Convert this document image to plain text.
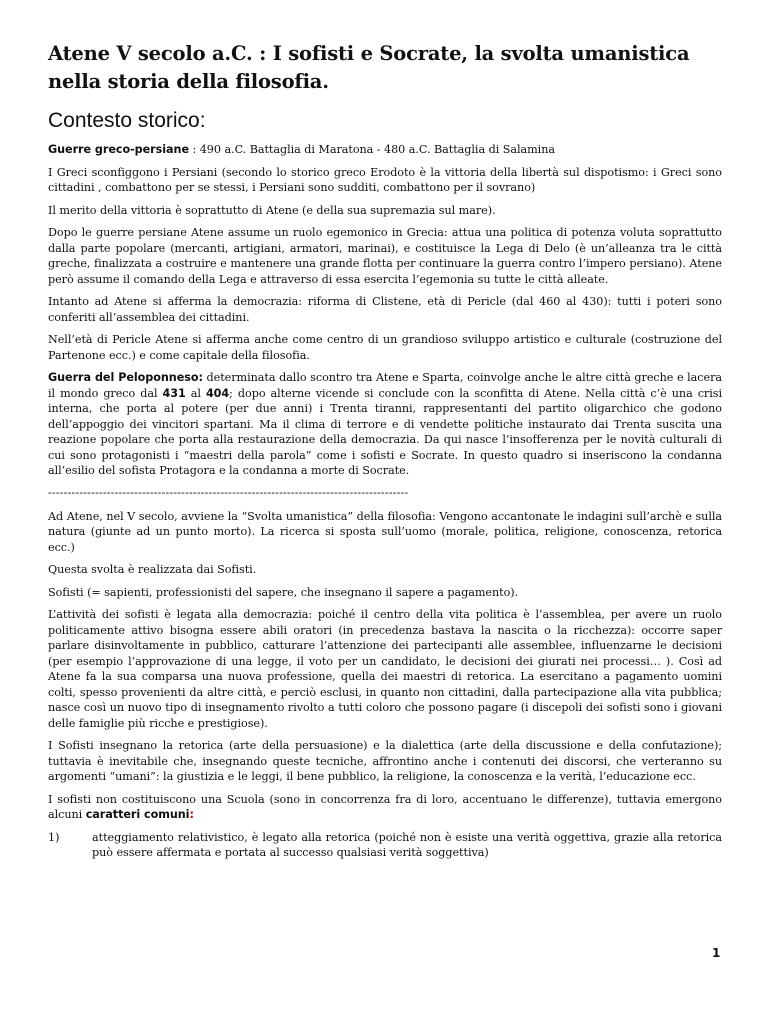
Atene V secolo a.C. : I sofisti e Socrate, la svolta umanistica nella storia della filosofia.
Contesto storico:

Guerre greco-persiane : 490 a.C. Battaglia di Maratona - 480 a.C. Battaglia di Salamina

I Greci sconfiggono i Persiani (secondo lo storico greco Erodoto è la vittoria della libertà sul dispotismo: i Greci sono cittadini , combattono per se stessi, i Persiani sono sudditi, combattono per il sovrano)

Il merito della vittoria è soprattutto di Atene (e della sua supremazia sul mare).

Dopo le guerre persiane Atene assume un ruolo egemonico in Grecia: attua una politica di potenza voluta soprattutto dalla parte popolare (mercanti, artigiani, armatori, marinai), e costituisce la Lega di Delo (è un’alleanza tra le città greche, finalizzata a costruire e mantenere una grande flotta per continuare la guerra contro l’impero persiano). Atene però assume il comando della Lega e attraverso di essa esercita l’egemonia su tutte le città alleate.

Intanto ad Atene si afferma la democrazia: riforma di Clistene, età di Pericle (dal 460 al 430): tutti i poteri sono conferiti all’assemblea dei cittadini.

Nell’età di Pericle Atene si afferma anche come centro di un grandioso sviluppo artistico e culturale (costruzione del Partenone ecc.) e come capitale della filosofia.

Guerra del Peloponneso: determinata dallo scontro tra Atene e Sparta, coinvolge anche le altre città greche e lacera il mondo greco dal 431 al 404; dopo alterne vicende si conclude con la sconfitta di Atene. Nella città c’è una crisi interna, che porta al potere (per due anni) i Trenta tiranni, rappresentanti del partito oligarchico che godono dell’appoggio dei vincitori spartani. Ma il clima di terrore e di vendette politiche instaurato dai Trenta suscita una reazione popolare che porta alla restaurazione della democrazia. Da qui nasce l’insofferenza per le novità culturali di cui sono protagonisti i “maestri della parola” come i sofisti e Socrate. In questo quadro si inseriscono la condanna all’esilio del sofista Protagora e la condanna a morte di Socrate.

--------------------------------------------------------------------------------------------

Ad Atene, nel V secolo, avviene la “Svolta umanistica” della filosofia: Vengono accantonate le indagini sull’archè e sulla natura (giunte ad un punto morto). La ricerca si sposta sull’uomo (morale, politica, religione, conoscenza, retorica ecc.)

Questa svolta è realizzata dai Sofisti.

Sofisti (= sapienti, professionisti del sapere, che insegnano il sapere a pagamento).

L’attività dei sofisti è legata alla democrazia: poiché il centro della vita politica è l’assemblea, per avere un ruolo politicamente attivo bisogna essere abili oratori (in precedenza bastava la nascita o la ricchezza): occorre saper parlare disinvoltamente in pubblico, catturare l’attenzione dei partecipanti alle assemblee, influenzarne le decisioni (per esempio l’approvazione di una legge, il voto per un candidato, le decisioni dei giurati nei processi… ). Così ad Atene fa la sua comparsa una nuova professione, quella dei maestri di retorica. La esercitano a pagamento uomini colti, spesso provenienti da altre città, e perciò esclusi, in quanto non cittadini, dalla partecipazione alla vita pubblica; nasce così un nuovo tipo di insegnamento rivolto a tutti coloro che possono pagare (i discepoli dei sofisti sono i giovani delle famiglie più ricche e prestigiose).

I Sofisti insegnano la retorica (arte della persuasione) e la dialettica (arte della discussione e della confutazione); tuttavia è inevitabile che, insegnando queste tecniche, affrontino anche i contenuti dei discorsi, che verteranno su argomenti “umani”: la giustizia e le leggi, il bene pubblico, la religione, la conoscenza e la verità, l’educazione ecc.

I sofisti non costituiscono una Scuola (sono in concorrenza fra di loro, accentuano le differenze), tuttavia emergono alcuni caratteri comuni:

1)	atteggiamento relativistico, è legato alla retorica (poiché non è esiste una verità oggettiva, grazie alla retorica può essere affermata e portata al successo qualsiasi verità soggettiva)

1
